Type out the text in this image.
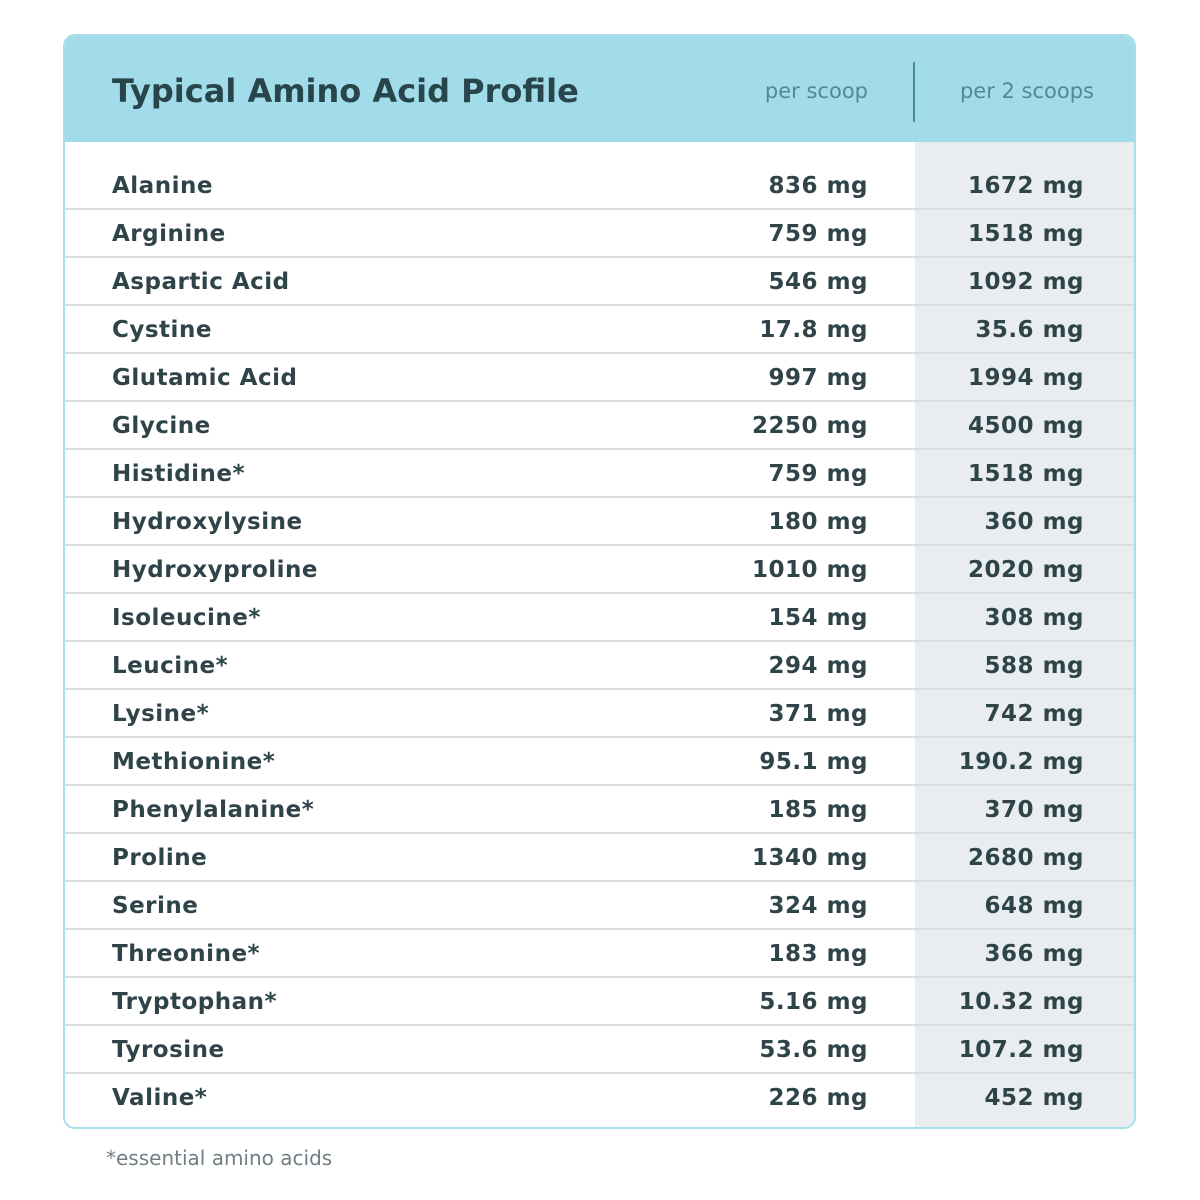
Typical Amino Acid Profile	per scoop	per 2 scoops
Alanine	836 mg	1672 mg
Arginine	759 mg	1518 mg
Aspartic Acid	546 mg	1092 mg
Cystine	17.8 mg	35.6 mg
Glutamic Acid	997 mg	1994 mg
Glycine	2250 mg	4500 mg
Histidine*	759 mg	1518 mg
Hydroxylysine	180 mg	360 mg
Hydroxyproline	1010 mg	2020 mg
Isoleucine*	154 mg	308 mg
Leucine*	294 mg	588 mg
Lysine*	371 mg	742 mg
Methionine*	95.1 mg	190.2 mg
Phenylalanine*	185 mg	370 mg
Proline	1340 mg	2680 mg
Serine	324 mg	648 mg
Threonine*	183 mg	366 mg
Tryptophan*	5.16 mg	10.32 mg
Tyrosine	53.6 mg	107.2 mg
Valine*	226 mg	452 mg
*essential amino acids
